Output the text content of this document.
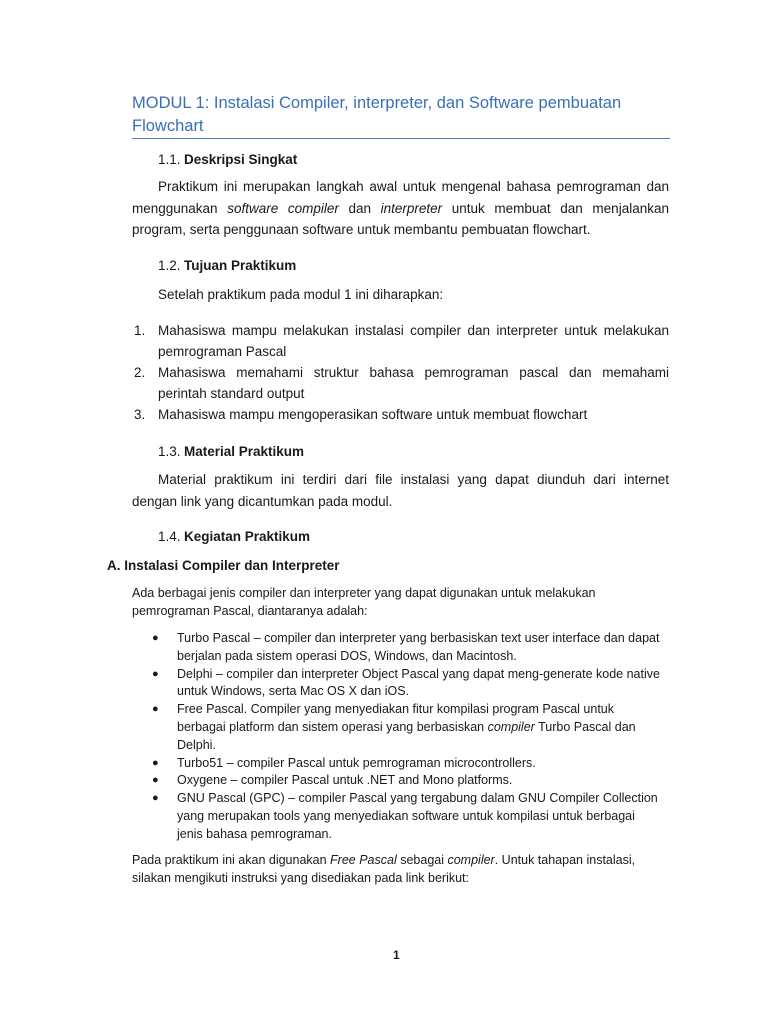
MODUL 1: Instalasi Compiler, interpreter, dan Software pembuatan Flowchart
1.1. Deskripsi Singkat
Praktikum ini merupakan langkah awal untuk mengenal bahasa pemrograman dan menggunakan software compiler dan interpreter untuk membuat dan menjalankan program, serta penggunaan software untuk membantu pembuatan flowchart.
1.2. Tujuan Praktikum
Setelah praktikum pada modul 1 ini diharapkan:
1. Mahasiswa mampu melakukan instalasi compiler dan interpreter untuk melakukan pemrograman Pascal
2. Mahasiswa memahami struktur bahasa pemrograman pascal dan memahami perintah standard output
3. Mahasiswa mampu mengoperasikan software untuk membuat flowchart
1.3. Material Praktikum
Material praktikum ini terdiri dari file instalasi yang dapat diunduh dari internet dengan link yang dicantumkan pada modul.
1.4. Kegiatan Praktikum
A. Instalasi Compiler dan Interpreter
Ada berbagai jenis compiler dan interpreter yang dapat digunakan untuk melakukan pemrograman Pascal, diantaranya adalah:
● Turbo Pascal – compiler dan interpreter yang berbasiskan text user interface dan dapat berjalan pada sistem operasi DOS, Windows, dan Macintosh.
● Delphi – compiler dan interpreter Object Pascal yang dapat meng-generate kode native untuk Windows, serta Mac OS X dan iOS.
● Free Pascal. Compiler yang menyediakan fitur kompilasi program Pascal untuk berbagai platform dan sistem operasi yang berbasiskan compiler Turbo Pascal dan Delphi.
● Turbo51 – compiler Pascal untuk pemrograman microcontrollers.
● Oxygene – compiler Pascal untuk .NET and Mono platforms.
● GNU Pascal (GPC) – compiler Pascal yang tergabung dalam GNU Compiler Collection yang merupakan tools yang menyediakan software untuk kompilasi untuk berbagai jenis bahasa pemrograman.
Pada praktikum ini akan digunakan Free Pascal sebagai compiler. Untuk tahapan instalasi, silakan mengikuti instruksi yang disediakan pada link berikut:
1
